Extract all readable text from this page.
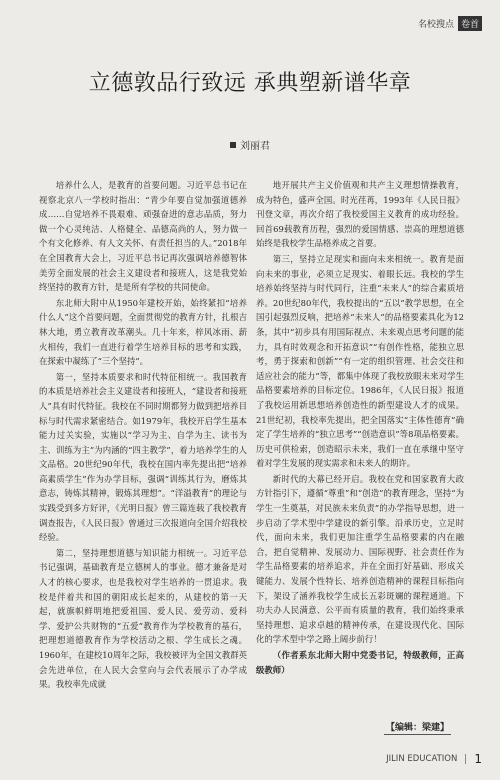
名校搜点 卷首
立德敦品行致远 承典塑新谱华章
刘丽君

培养什么人，是教育的首要问题。习近平总书记在视察北京八一学校时指出：“青少年要自觉加强道德养成……自觉培养不畏艰难、顽强奋进的意志品质，努力做一个心灵纯洁、人格健全、品德高尚的人，努力做一个有文化修养、有人文关怀、有责任担当的人。”2018年在全国教育大会上，习近平总书记再次强调培养德智体美劳全面发展的社会主义建设者和接班人，这是我党始终坚持的教育方针，是是所有学校的共同使命。

东北师大附中从1950年建校开始，始终紧扣“培养什么人”这个首要问题，全面贯彻党的教育方针，扎根吉林大地，勇立教育改革潮头。几十年来，梓风冰雨、薪火相传，我们一直进行着学生培养目标的思考和实践，在探索中凝练了“三个坚持”。

第一，坚持本质要求和时代特征相统一。我国教育的本质是培养社会主义建设者和接班人，“建设者和接班人”具有时代特征。我校在不同时期都努力做到把培养目标与时代需求紧密结合。如1979年，我校开启学生基本能力过关实验，实施以“学习为主、自学为主、读书为主、训练为主”为内涵的“四主教学”，着力培养学生的人文品格。20世纪90年代，我校在国内率先提出把“培养高素质学生”作为办学目标，强调“训练其行为，磨炼其意志，铸炼其精神，锻炼其理想”。“洋溢教育”的理论与实践受到多方好评，《光明日报》曾三篇连载了我校教育调查报告，《人民日报》曾通过三次报道向全国介绍我校经验。

第二，坚持理想道德与知识能力相统一。习近平总书记强调，基础教育是立德树人的事业。德才兼备是对人才的核心要求，也是我校对学生培养的一贯追求。我校是伴着共和国的朝阳成长起来的，从建校的第一天起，就旗帜鲜明地把爱祖国、爱人民、爱劳动、爱科学、爱护公共财物的“五爱”教育作为学校教育的基石，把理想道德教育作为学校活动之根、学生成长之魂。1960年，在建校10周年之际，我校被评为全国文教群英会先进单位，在人民大会堂向与会代表展示了办学成果。我校率先成就

地开展共产主义价值观和共产主义理想情操教育，成为特色，盛声全国。时光荏苒，1993年《人民日报》刊登文章，再次介绍了我校爱国主义教育的成功经验。回首69载教育历程，强烈的爱国情感、崇高的理想道德始终是我校学生品格养成之首要。

第三，坚持立足现实和面向未来相统一。教育是面向未来的事业，必须立足现实、着眼长远。我校的学生培养始终坚持与时代同行，注重“未来人”的综合素质培养。20世纪80年代，我校提出的“五以”教学思想，在全国引起强烈反响，把培养“未来人”的品格要素具化为12条，其中“初步具有用国际视点、未来观点思考问题的能力，具有时效观念和开拓意识”“有创作性格，能独立思考，勇于探索和创新”“有一定的组织管理、社会交往和适应社会的能力”等，都集中体现了我校放眼未来对学生品格要素培养的目标定位。1986年，《人民日报》报道了我校运用新思想培养创造性的新型建设人才的成果。21世纪初，我校率先提出，把全国落实“主体性德育”确定了学生培养的“独立思考”“创造意识”等8项品格要素。历史可供检索，创造昭示未来，我们一直在承继中坚守着对学生发展的现实需求和未来人的期许。

新时代的大幕已经开启。我校在党和国家教育大政方针指引下，遵循“尊重”和“创造”的教育理念，坚持“为学生一生奠基，对民族未来负责”的办学指导思想，进一步启动了学术型中学建设的新引擎。沿承历史，立足时代，面向未来，我们更加注重学生品格要素的内在融合，把自觉精神、发展动力、国际视野、社会责任作为学生品格要素的培养追求，并在全面打好基础、形成关键能力、发展个性特长、培养创造精神的课程目标指向下，架设了涵养我校学生成长五彩斑斓的课程通道。下功夫办人民满意、公平而有质量的教育，我们始终秉承坚持理想、追求卓越的精神传承，在建设现代化、国际化的学术型中学之路上阔步前行！

（作者系东北师大附中党委书记，特级教师，正高级教师）

【编辑：梁建】
JILIN EDUCATION 1
